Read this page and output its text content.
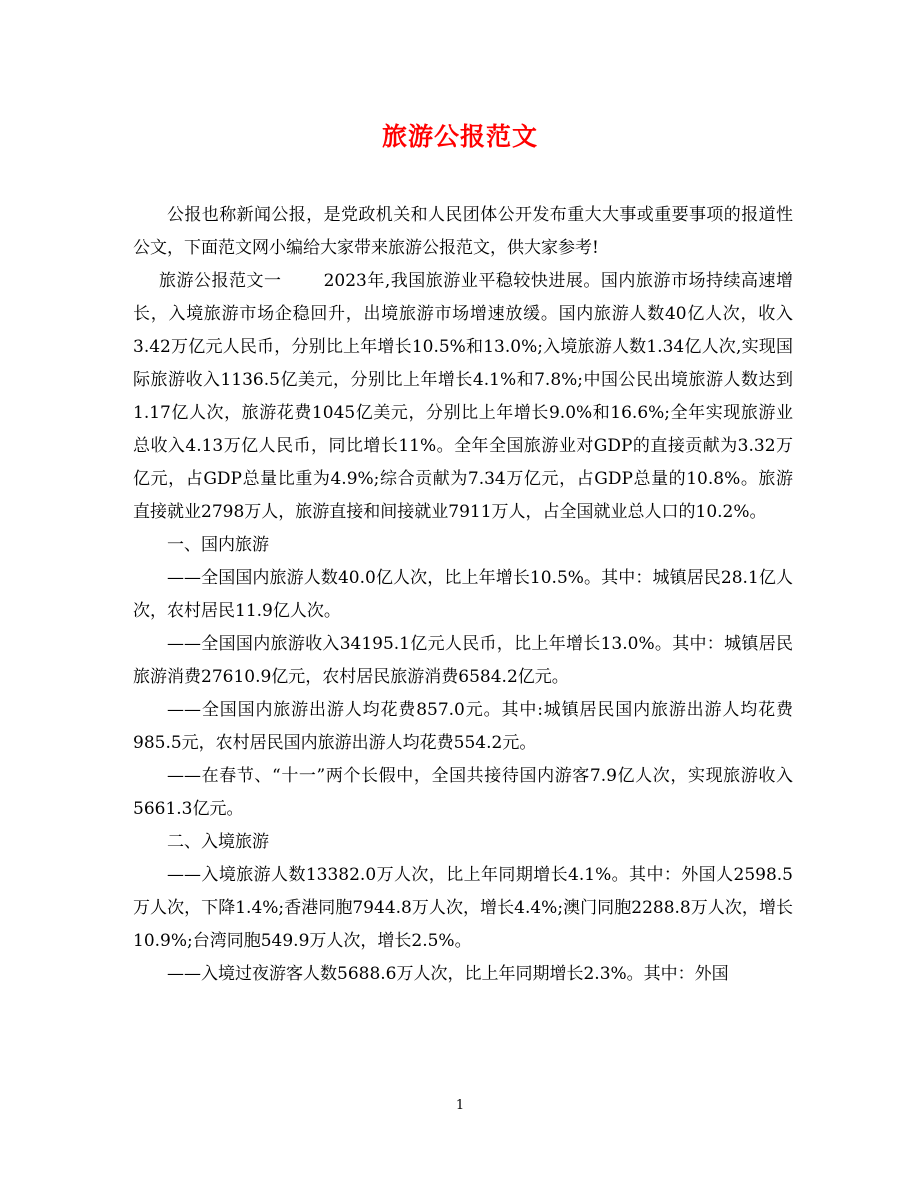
旅游公报范文

公报也称新闻公报，是党政机关和人民团体公开发布重大大事或重要事项的报道性公文，下面范文网小编给大家带来旅游公报范文，供大家参考!

旅游公报范文一 2023年,我国旅游业平稳较快进展。国内旅游市场持续高速增长，入境旅游市场企稳回升，出境旅游市场增速放缓。国内旅游人数40亿人次，收入3.42万亿元人民币，分别比上年增长10.5%和13.0%;入境旅游人数1.34亿人次,实现国际旅游收入1136.5亿美元，分别比上年增长4.1%和7.8%;中国公民出境旅游人数达到1.17亿人次，旅游花费1045亿美元，分别比上年增长9.0%和16.6%;全年实现旅游业总收入4.13万亿人民币，同比增长11%。全年全国旅游业对GDP的直接贡献为3.32万亿元，占GDP总量比重为4.9%;综合贡献为7.34万亿元，占GDP总量的10.8%。旅游直接就业2798万人，旅游直接和间接就业7911万人，占全国就业总人口的10.2%。

一、国内旅游

——全国国内旅游人数40.0亿人次，比上年增长10.5%。其中：城镇居民28.1亿人次，农村居民11.9亿人次。

——全国国内旅游收入34195.1亿元人民币，比上年增长13.0%。其中：城镇居民旅游消费27610.9亿元，农村居民旅游消费6584.2亿元。

——全国国内旅游出游人均花费857.0元。其中:城镇居民国内旅游出游人均花费985.5元，农村居民国内旅游出游人均花费554.2元。

——在春节、“十一”两个长假中，全国共接待国内游客7.9亿人次，实现旅游收入5661.3亿元。

二、入境旅游

——入境旅游人数13382.0万人次，比上年同期增长4.1%。其中：外国人2598.5万人次，下降1.4%;香港同胞7944.8万人次，增长4.4%;澳门同胞2288.8万人次，增长10.9%;台湾同胞549.9万人次，增长2.5%。

——入境过夜游客人数5688.6万人次，比上年同期增长2.3%。其中：外国

1
